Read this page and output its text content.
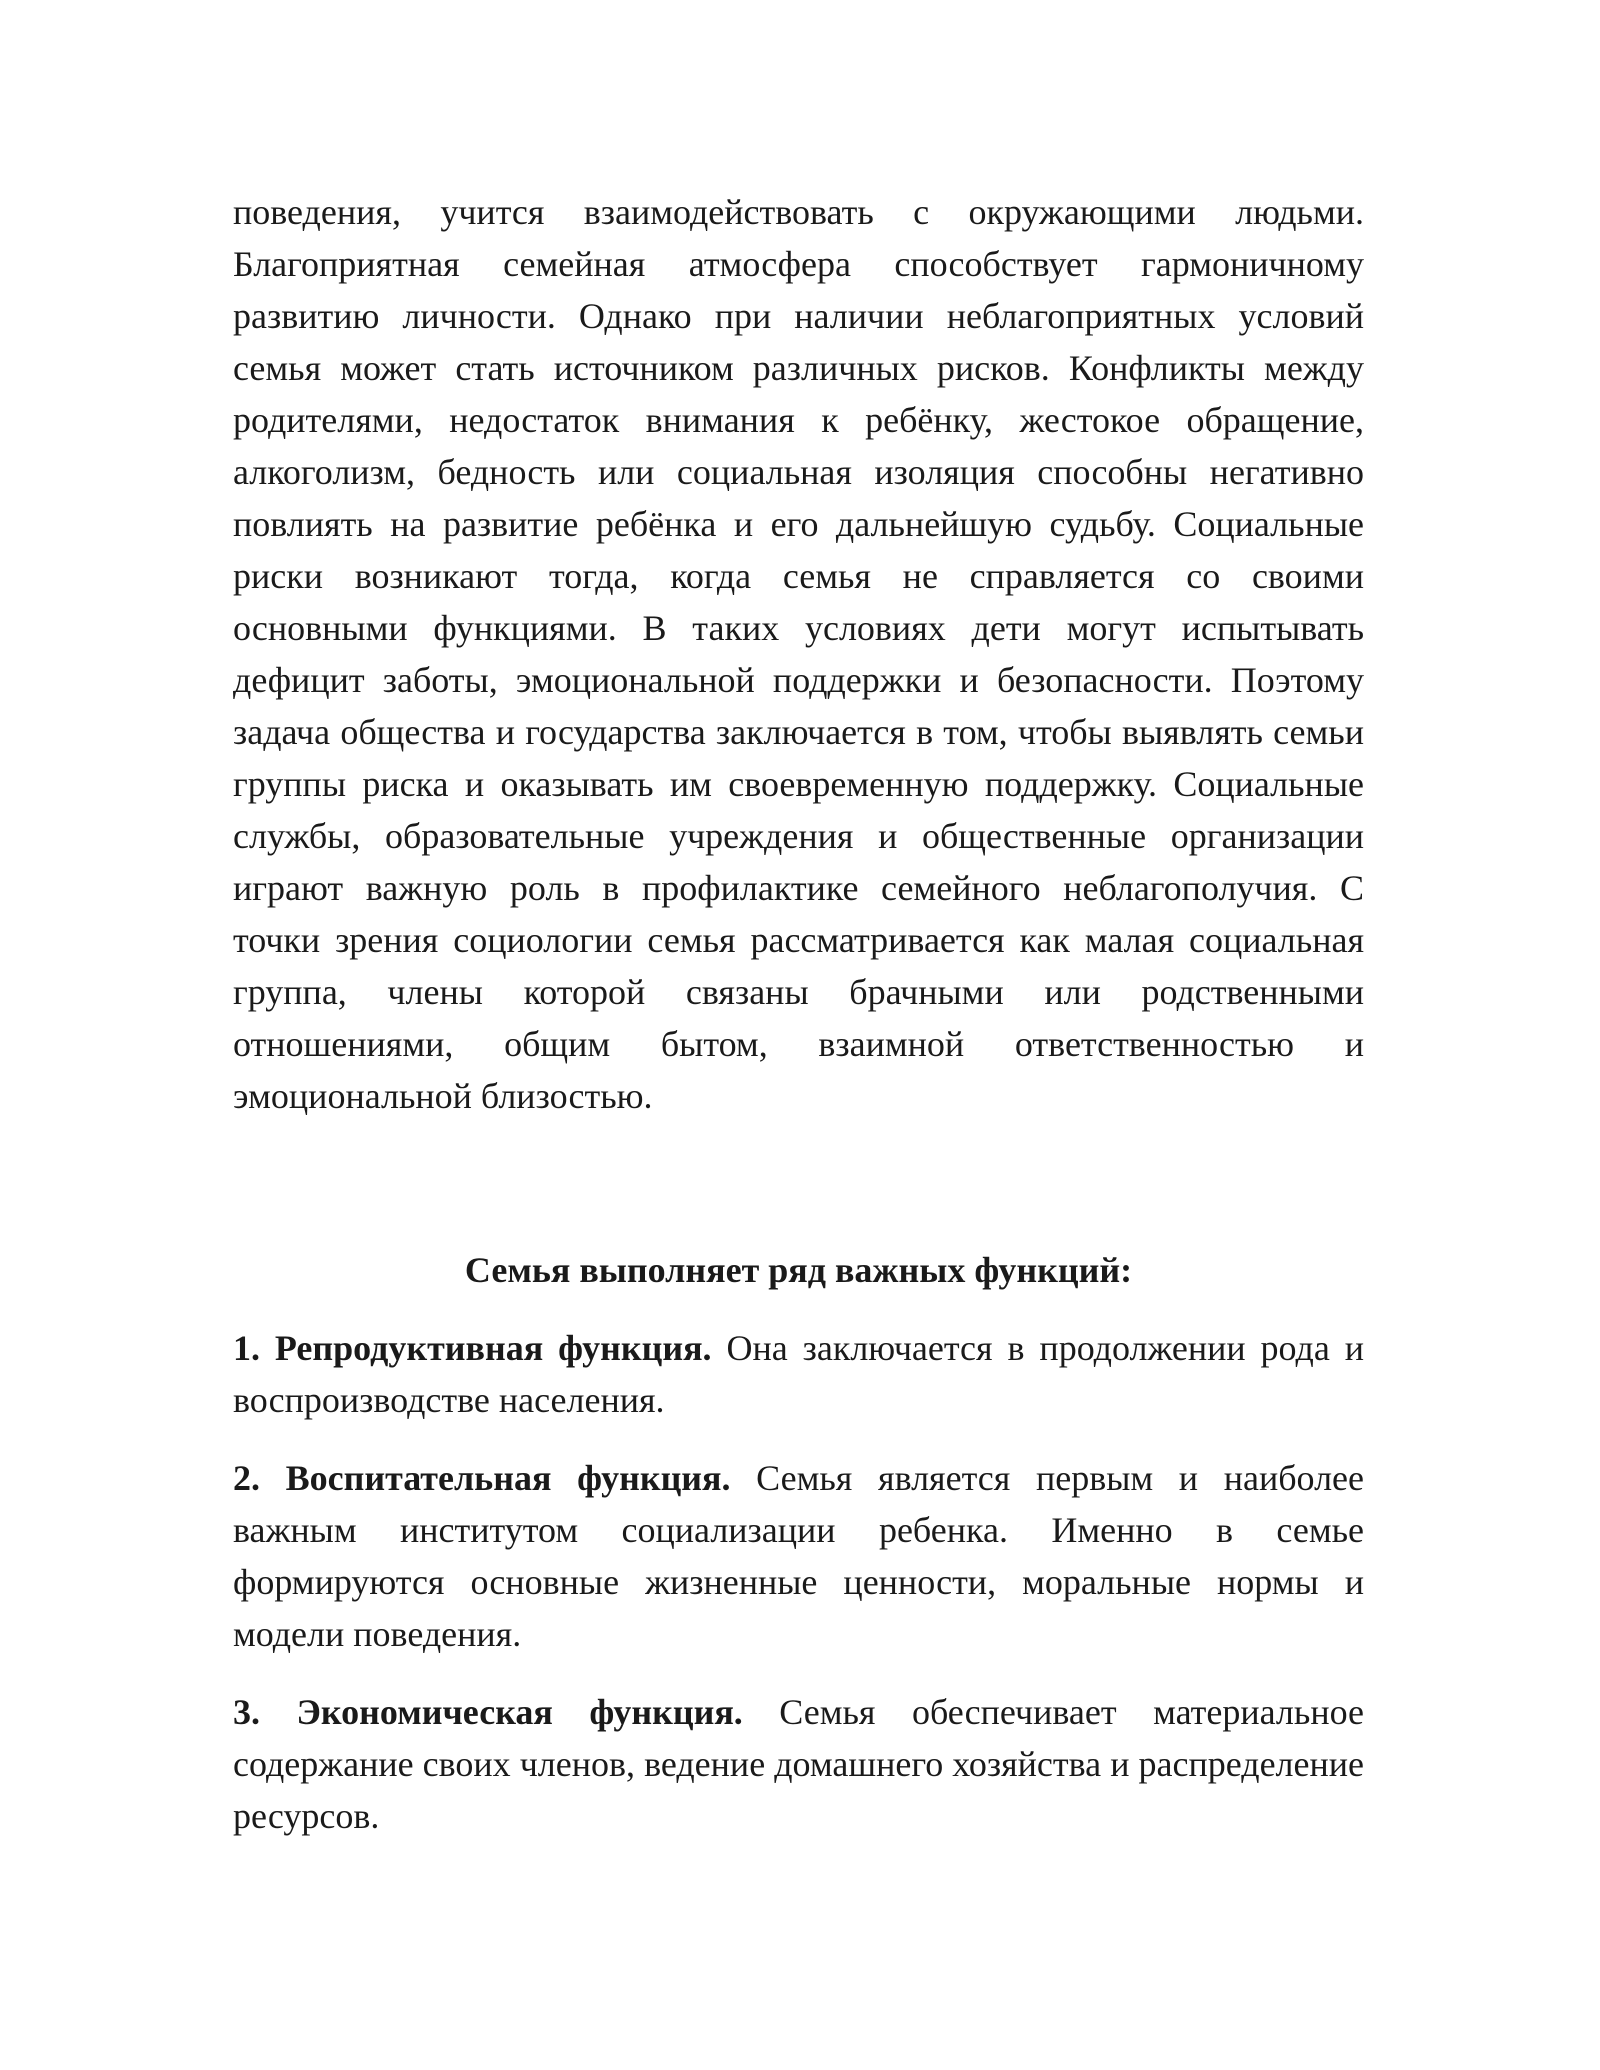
поведения, учится взаимодействовать с окружающими людьми. Благоприятная семейная атмосфера способствует гармоничному развитию личности. Однако при наличии неблагоприятных условий семья может стать источником различных рисков. Конфликты между родителями, недостаток внимания к ребёнку, жестокое обращение, алкоголизм, бедность или социальная изоляция способны негативно повлиять на развитие ребёнка и его дальнейшую судьбу. Социальные риски возникают тогда, когда семья не справляется со своими основными функциями. В таких условиях дети могут испытывать дефицит заботы, эмоциональной поддержки и безопасности. Поэтому задача общества и государства заключается в том, чтобы выявлять семьи группы риска и оказывать им своевременную поддержку. Социальные службы, образовательные учреждения и общественные организации играют важную роль в профилактике семейного неблагополучия. С точки зрения социологии семья рассматривается как малая социальная группа, члены которой связаны брачными или родственными отношениями, общим бытом, взаимной ответственностью и эмоциональной близостью.

Семья выполняет ряд важных функций:

1. Репродуктивная функция. Она заключается в продолжении рода и воспроизводстве населения.

2. Воспитательная функция. Семья является первым и наиболее важным институтом социализации ребенка. Именно в семье формируются основные жизненные ценности, моральные нормы и модели поведения.

3. Экономическая функция. Семья обеспечивает материальное содержание своих членов, ведение домашнего хозяйства и распределение ресурсов.
